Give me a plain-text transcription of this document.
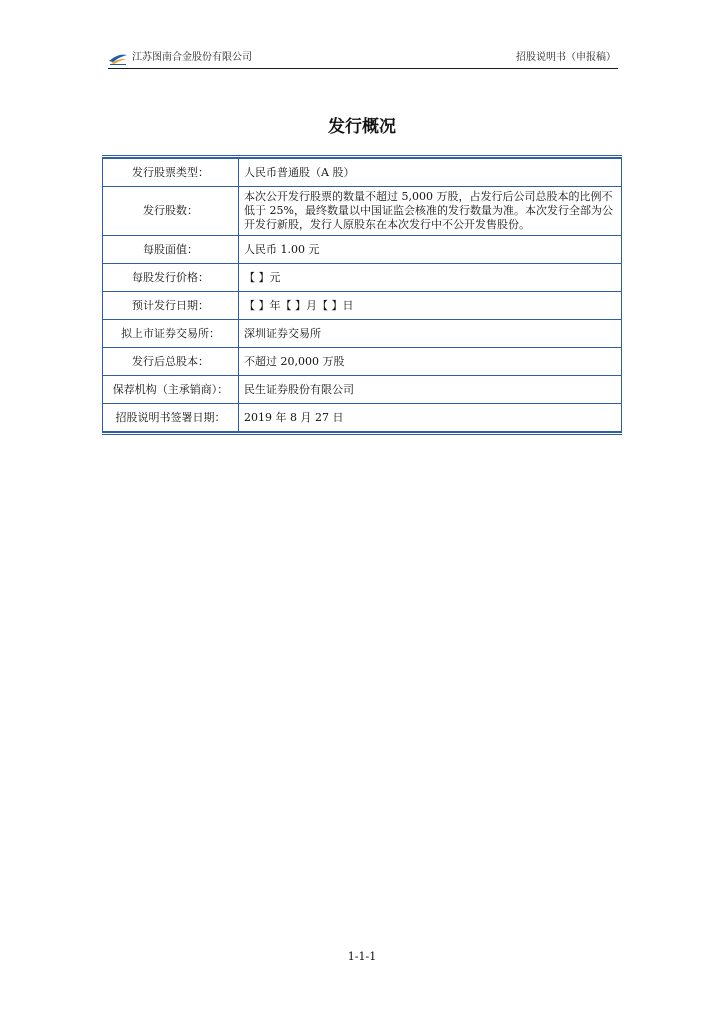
江苏图南合金股份有限公司	招股说明书（申报稿）
发行概况
发行股票类型：	人民币普通股（A 股）
发行股数：	本次公开发行股票的数量不超过 5,000 万股，占发行后公司总股本的比例不低于 25%，最终数量以中国证监会核准的发行数量为准。本次发行全部为公开发行新股，发行人原股东在本次发行中不公开发售股份。
每股面值：	人民币 1.00 元
每股发行价格：	【 】元
预计发行日期：	【 】年【 】月【 】日
拟上市证券交易所：	深圳证券交易所
发行后总股本：	不超过 20,000 万股
保荐机构（主承销商）：	民生证券股份有限公司
招股说明书签署日期：	2019 年 8 月 27 日
1-1-1
